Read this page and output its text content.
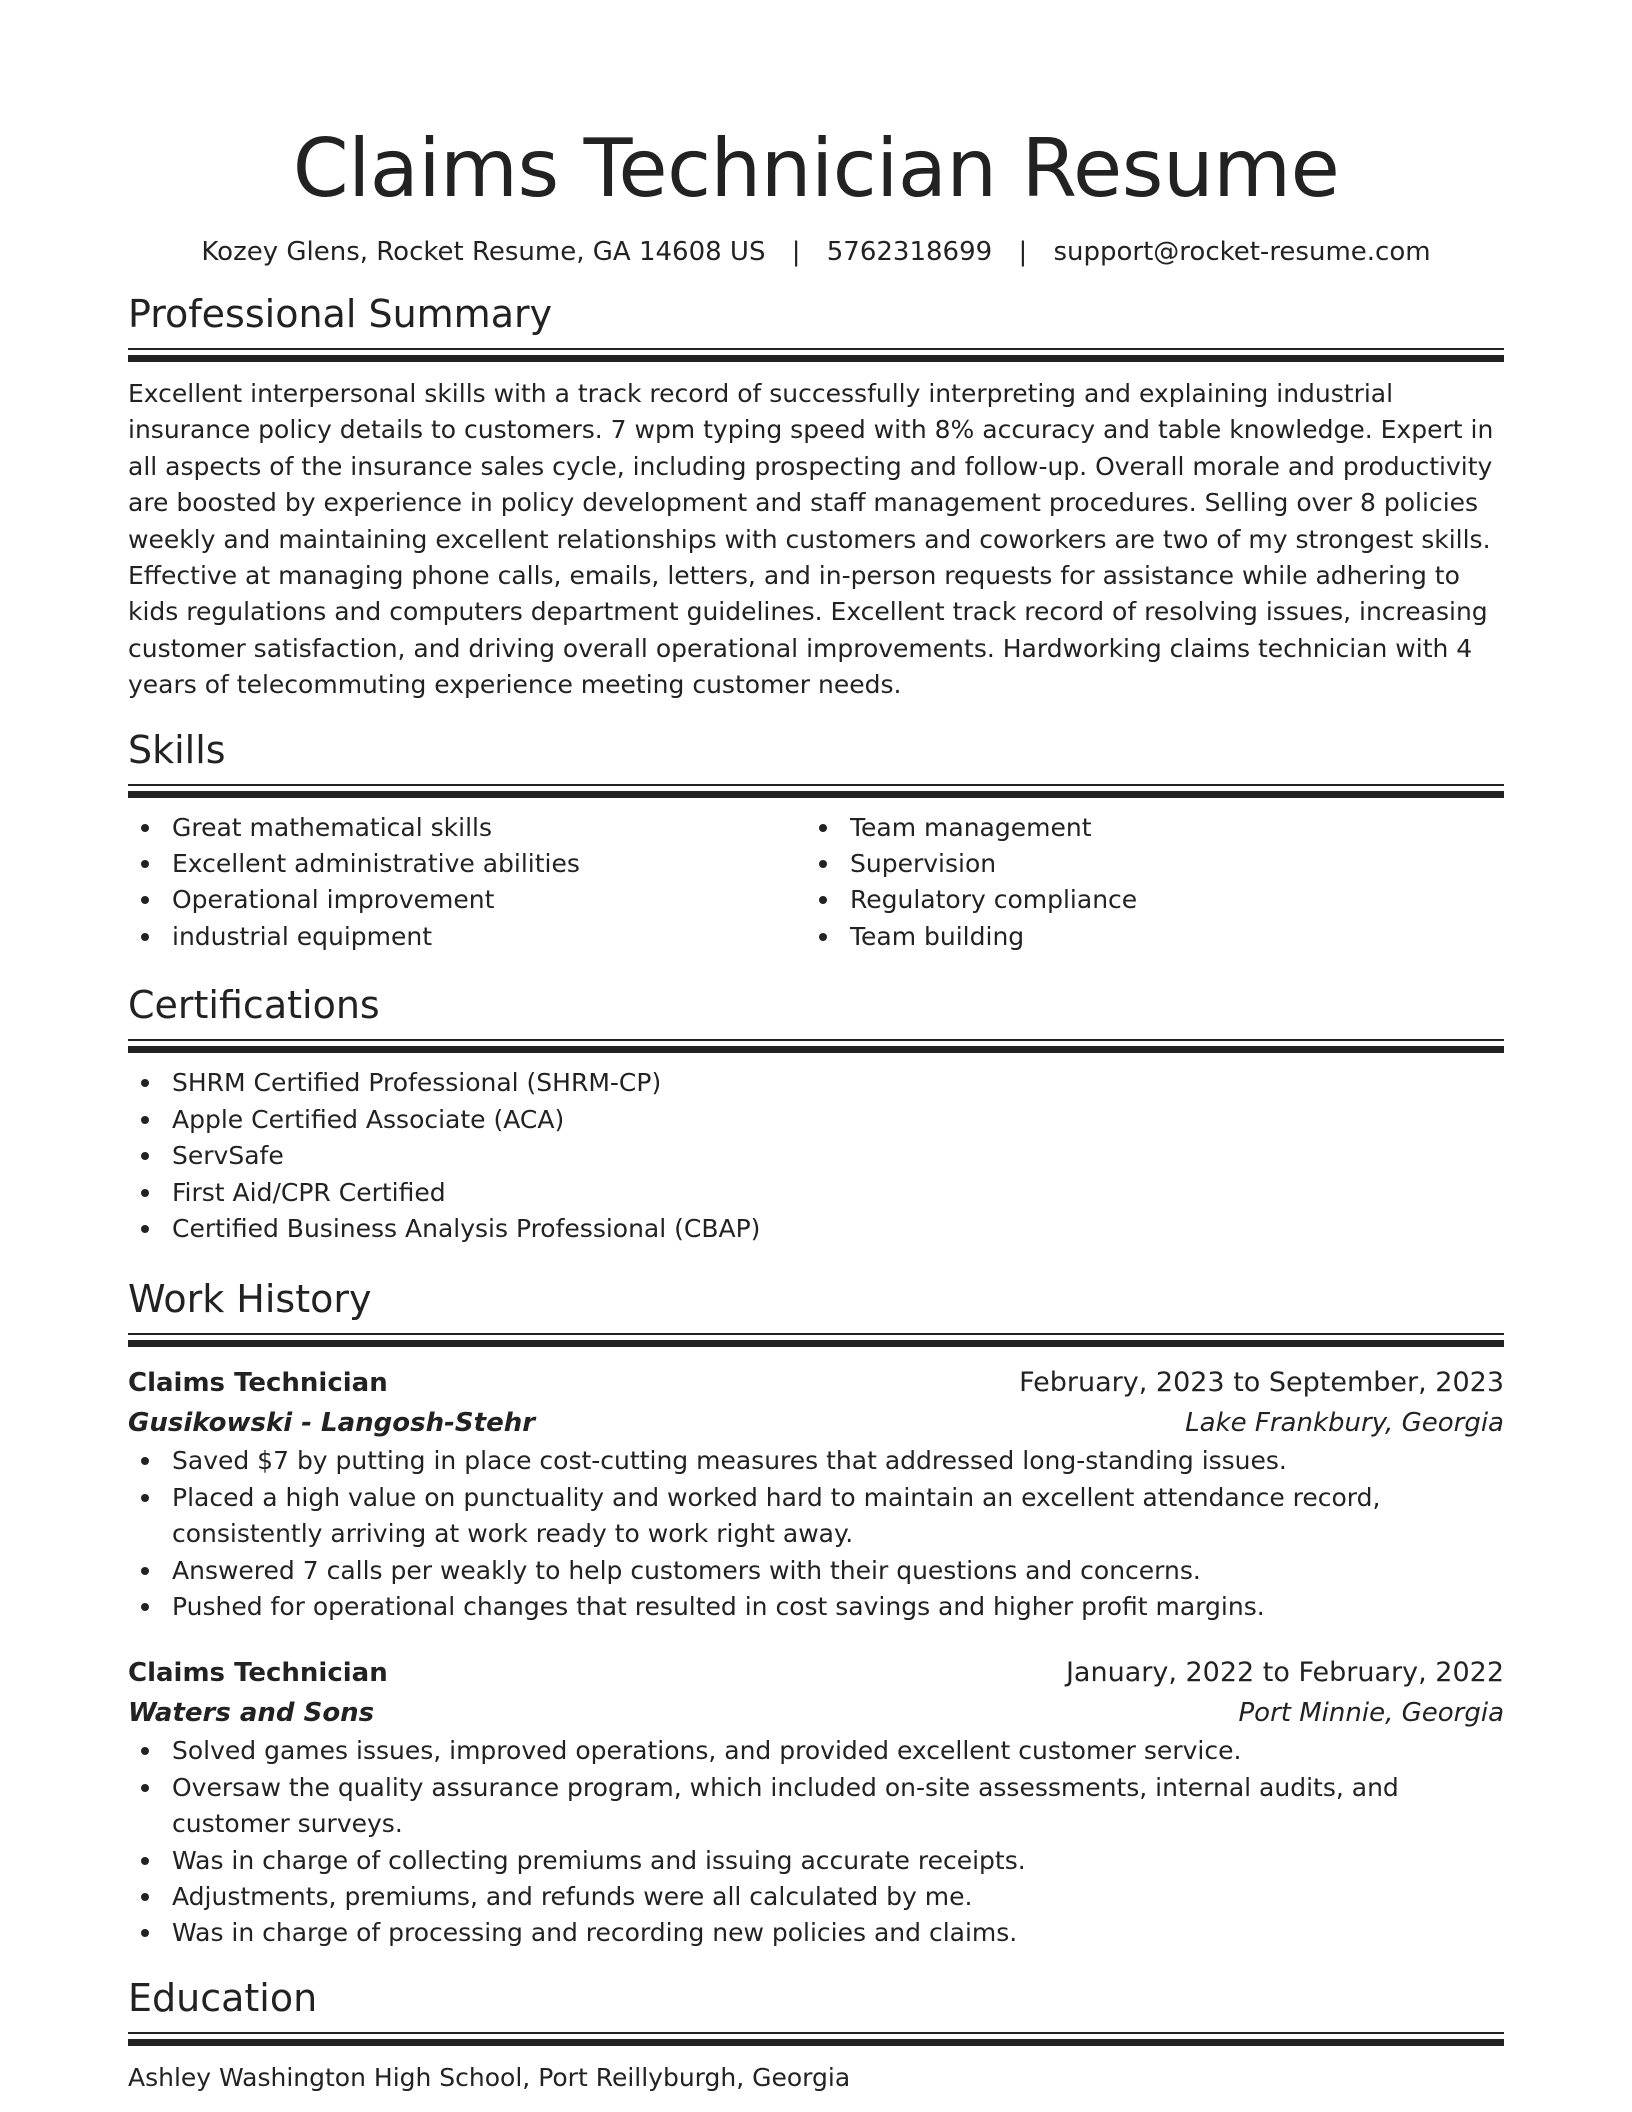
Claims Technician Resume
Kozey Glens, Rocket Resume, GA 14608 US | 5762318699 | support@rocket-resume.com
Professional Summary

Excellent interpersonal skills with a track record of successfully interpreting and explaining industrial insurance policy details to customers. 7 wpm typing speed with 8% accuracy and table knowledge. Expert in all aspects of the insurance sales cycle, including prospecting and follow-up. Overall morale and productivity are boosted by experience in policy development and staff management procedures. Selling over 8 policies weekly and maintaining excellent relationships with customers and coworkers are two of my strongest skills. Effective at managing phone calls, emails, letters, and in-person requests for assistance while adhering to kids regulations and computers department guidelines. Excellent track record of resolving issues, increasing customer satisfaction, and driving overall operational improvements. Hardworking claims technician with 4 years of telecommuting experience meeting customer needs.

Skills
Great mathematical skills
Excellent administrative abilities
Operational improvement
industrial equipment
Team management
Supervision
Regulatory compliance
Team building
Certifications
SHRM Certified Professional (SHRM-CP)
Apple Certified Associate (ACA)
ServSafe
First Aid/CPR Certified
Certified Business Analysis Professional (CBAP)
Work History
Claims Technician	February, 2023 to September, 2023
Gusikowski - Langosh-Stehr	Lake Frankbury, Georgia
Saved $7 by putting in place cost-cutting measures that addressed long-standing issues.
Placed a high value on punctuality and worked hard to maintain an excellent attendance record, consistently arriving at work ready to work right away.
Answered 7 calls per weakly to help customers with their questions and concerns.
Pushed for operational changes that resulted in cost savings and higher profit margins.
Claims Technician	January, 2022 to February, 2022
Waters and Sons	Port Minnie, Georgia
Solved games issues, improved operations, and provided excellent customer service.
Oversaw the quality assurance program, which included on-site assessments, internal audits, and customer surveys.
Was in charge of collecting premiums and issuing accurate receipts.
Adjustments, premiums, and refunds were all calculated by me.
Was in charge of processing and recording new policies and claims.
Education
Ashley Washington High School, Port Reillyburgh, Georgia
